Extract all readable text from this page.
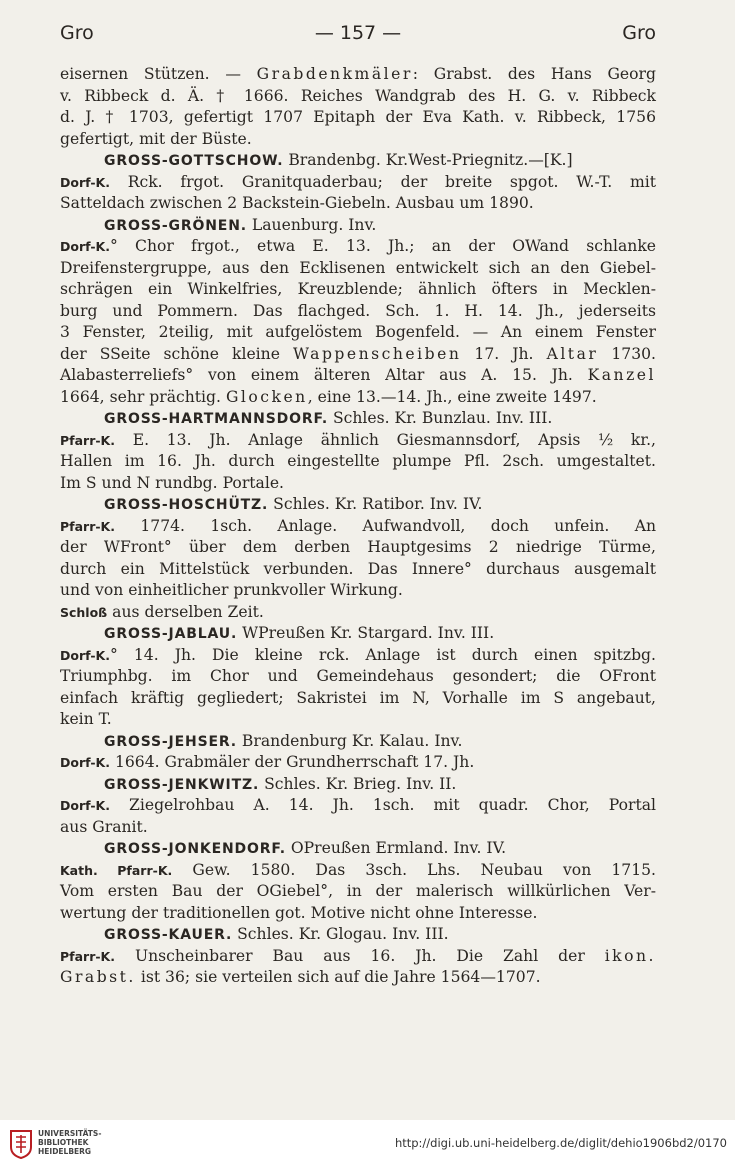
Gro	— 157 —	Gro
eisernen Stützen. — Grabdenkmäler: Grabst. des Hans Georg
v. Ribbeck d. Ä. † 1666. Reiches Wandgrab des H. G. v. Ribbeck
d. J. † 1703, gefertigt 1707 Epitaph der Eva Kath. v. Ribbeck, 1756
gefertigt, mit der Büste.
GROSS-GOTTSCHOW. Brandenbg. Kr.West-Priegnitz.—[K.]
Dorf-K. Rck. frgot. Granitquaderbau; der breite spgot. W.-T. mit
Satteldach zwischen 2 Backstein-Giebeln. Ausbau um 1890.
GROSS-GRÖNEN. Lauenburg. Inv.
Dorf-K.° Chor frgot., etwa E. 13. Jh.; an der OWand schlanke
Dreifenstergruppe, aus den Ecklisenen entwickelt sich an den Giebel-
schrägen ein Winkelfries, Kreuzblende; ähnlich öfters in Mecklen-
burg und Pommern. Das flachged. Sch. 1. H. 14. Jh., jederseits
3 Fenster, 2teilig, mit aufgelöstem Bogenfeld. — An einem Fenster
der SSeite schöne kleine Wappenscheiben 17. Jh. Altar 1730.
Alabasterreliefs° von einem älteren Altar aus A. 15. Jh. Kanzel
1664, sehr prächtig. Glocken, eine 13.—14. Jh., eine zweite 1497.
GROSS-HARTMANNSDORF. Schles. Kr. Bunzlau. Inv. III.
Pfarr-K. E. 13. Jh. Anlage ähnlich Giesmannsdorf, Apsis ½ kr.,
Hallen im 16. Jh. durch eingestellte plumpe Pfl. 2sch. umgestaltet.
Im S und N rundbg. Portale.
GROSS-HOSCHÜTZ. Schles. Kr. Ratibor. Inv. IV.
Pfarr-K. 1774. 1sch. Anlage. Aufwandvoll, doch unfein. An
der WFront° über dem derben Hauptgesims 2 niedrige Türme,
durch ein Mittelstück verbunden. Das Innere° durchaus ausgemalt
und von einheitlicher prunkvoller Wirkung.
Schloß aus derselben Zeit.
GROSS-JABLAU. WPreußen Kr. Stargard. Inv. III.
Dorf-K.° 14. Jh. Die kleine rck. Anlage ist durch einen spitzbg.
Triumphbg. im Chor und Gemeindehaus gesondert; die OFront
einfach kräftig gegliedert; Sakristei im N, Vorhalle im S angebaut,
kein T.
GROSS-JEHSER. Brandenburg Kr. Kalau. Inv.
Dorf-K. 1664. Grabmäler der Grundherrschaft 17. Jh.
GROSS-JENKWITZ. Schles. Kr. Brieg. Inv. II.
Dorf-K. Ziegelrohbau A. 14. Jh. 1sch. mit quadr. Chor, Portal
aus Granit.
GROSS-JONKENDORF. OPreußen Ermland. Inv. IV.
Kath. Pfarr-K. Gew. 1580. Das 3sch. Lhs. Neubau von 1715.
Vom ersten Bau der OGiebel°, in der malerisch willkürlichen Ver-
wertung der traditionellen got. Motive nicht ohne Interesse.
GROSS-KAUER. Schles. Kr. Glogau. Inv. III.
Pfarr-K. Unscheinbarer Bau aus 16. Jh. Die Zahl der ikon.
Grabst. ist 36; sie verteilen sich auf die Jahre 1564—1707.
UNIVERSITÄTS-
BIBLIOTHEK
HEIDELBERG
http://digi.ub.uni-heidelberg.de/diglit/dehio1906bd2/0170
